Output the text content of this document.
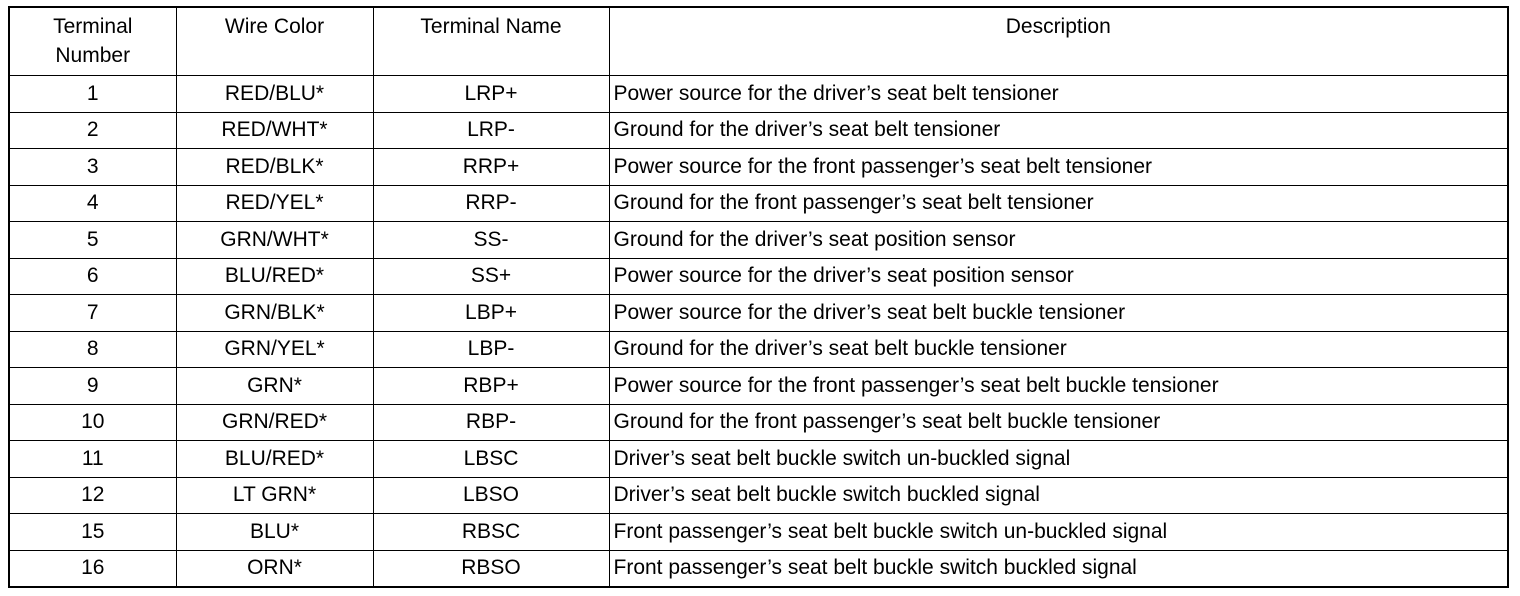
Terminal Number	Wire Color	Terminal Name	Description
1	RED/BLU*	LRP+	Power source for the driver’s seat belt tensioner
2	RED/WHT*	LRP-	Ground for the driver’s seat belt tensioner
3	RED/BLK*	RRP+	Power source for the front passenger’s seat belt tensioner
4	RED/YEL*	RRP-	Ground for the front passenger’s seat belt tensioner
5	GRN/WHT*	SS-	Ground for the driver’s seat position sensor
6	BLU/RED*	SS+	Power source for the driver’s seat position sensor
7	GRN/BLK*	LBP+	Power source for the driver’s seat belt buckle tensioner
8	GRN/YEL*	LBP-	Ground for the driver’s seat belt buckle tensioner
9	GRN*	RBP+	Power source for the front passenger’s seat belt buckle tensioner
10	GRN/RED*	RBP-	Ground for the front passenger’s seat belt buckle tensioner
11	BLU/RED*	LBSC	Driver’s seat belt buckle switch un-buckled signal
12	LT GRN*	LBSO	Driver’s seat belt buckle switch buckled signal
15	BLU*	RBSC	Front passenger’s seat belt buckle switch un-buckled signal
16	ORN*	RBSO	Front passenger’s seat belt buckle switch buckled signal
